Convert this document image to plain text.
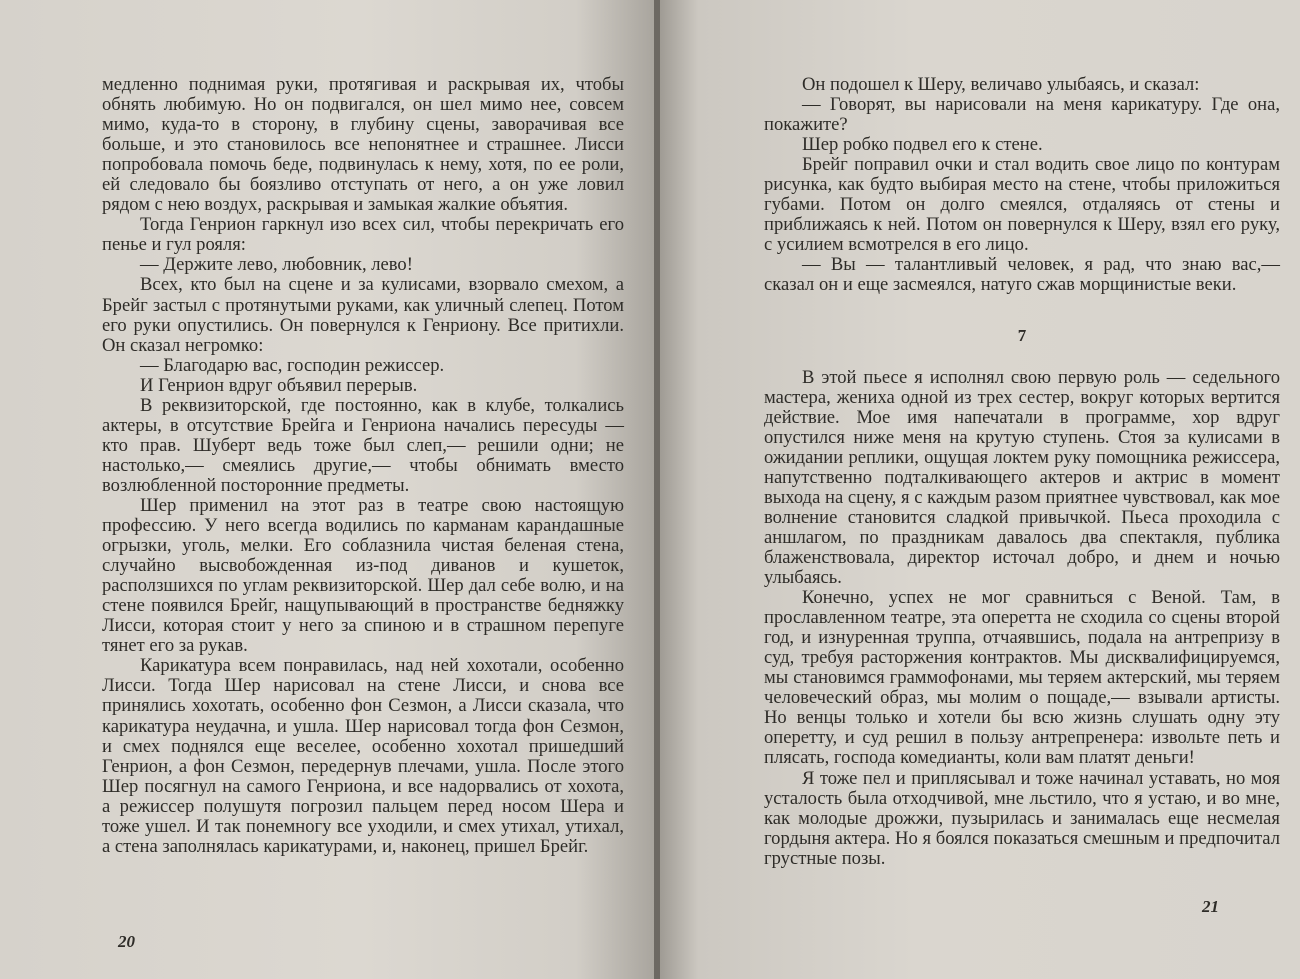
медленно поднимая руки, протягивая и раскрывая их, чтобы обнять любимую. Но он подвигался, он шел мимо нее, совсем мимо, куда-то в сторону, в глубину сцены, заворачивая все больше, и это становилось все непонятнее и страшнее. Лисси попробовала помочь беде, подвинулась к нему, хотя, по ее роли, ей следовало бы боязливо отступать от него, а он уже ловил рядом с нею воздух, раскрывая и замыкая жалкие объятия.

Тогда Генрион гаркнул изо всех сил, чтобы перекричать его пенье и гул рояля:

— Держите лево, любовник, лево!

Всех, кто был на сцене и за кулисами, взорвало смехом, а Брейг застыл с протянутыми руками, как уличный слепец. Потом его руки опустились. Он повернулся к Генриону. Все притихли. Он сказал негромко:

— Благодарю вас, господин режиссер.

И Генрион вдруг объявил перерыв.

В реквизиторской, где постоянно, как в клубе, толкались актеры, в отсутствие Брейга и Генриона начались пересуды — кто прав. Шуберт ведь тоже был слеп,— решили одни; не настолько,— смеялись другие,— чтобы обнимать вместо возлюбленной посторонние предметы.

Шер применил на этот раз в театре свою настоящую профессию. У него всегда водились по карманам карандашные огрызки, уголь, мелки. Его соблазнила чистая беленая стена, случайно высвобожденная из-под диванов и кушеток, расползшихся по углам реквизиторской. Шер дал себе волю, и на стене появился Брейг, нащупывающий в пространстве бедняжку Лисси, которая стоит у него за спиною и в страшном перепуге тянет его за рукав.

Карикатура всем понравилась, над ней хохотали, особенно Лисси. Тогда Шер нарисовал на стене Лисси, и снова все принялись хохотать, особенно фон Сезмон, а Лисси сказала, что карикатура неудачна, и ушла. Шер нарисовал тогда фон Сезмон, и смех поднялся еще веселее, особенно хохотал пришедший Генрион, а фон Сезмон, передернув плечами, ушла. После этого Шер посягнул на самого Генриона, и все надорвались от хохота, а режиссер полушутя погрозил пальцем перед носом Шера и тоже ушел. И так понемногу все уходили, и смех утихал, утихал, а стена заполнялась карикатурами, и, наконец, пришел Брейг.

20

Он подошел к Шеру, величаво улыбаясь, и сказал:

— Говорят, вы нарисовали на меня карикатуру. Где она, покажите?

Шер робко подвел его к стене.

Брейг поправил очки и стал водить свое лицо по контурам рисунка, как будто выбирая место на стене, чтобы приложиться губами. Потом он долго смеялся, отдаляясь от стены и приближаясь к ней. Потом он повернулся к Шеру, взял его руку, с усилием всмотрелся в его лицо.

— Вы — талантливый человек, я рад, что знаю вас,— сказал он и еще засмеялся, натуго сжав морщинистые веки.

7

В этой пьесе я исполнял свою первую роль — седельного мастера, жениха одной из трех сестер, вокруг которых вертится действие. Мое имя напечатали в программе, хор вдруг опустился ниже меня на крутую ступень. Стоя за кулисами в ожидании реплики, ощущая локтем руку помощника режиссера, напутственно подталкивающего актеров и актрис в момент выхода на сцену, я с каждым разом приятнее чувствовал, как мое волнение становится сладкой привычкой. Пьеса проходила с аншлагом, по праздникам давалось два спектакля, публика блаженствовала, директор источал добро, и днем и ночью улыбаясь.

Конечно, успех не мог сравниться с Веной. Там, в прославленном театре, эта оперетта не сходила со сцены второй год, и изнуренная труппа, отчаявшись, подала на антрепризу в суд, требуя расторжения контрактов. Мы дисквалифицируемся, мы становимся граммофонами, мы теряем актерский, мы теряем человеческий образ, мы молим о пощаде,— взывали артисты. Но венцы только и хотели бы всю жизнь слушать одну эту оперетту, и суд решил в пользу антрепренера: извольте петь и плясать, господа комедианты, коли вам платят деньги!

Я тоже пел и приплясывал и тоже начинал уставать, но моя усталость была отходчивой, мне льстило, что я устаю, и во мне, как молодые дрожжи, пузырилась и занималась еще несмелая гордыня актера. Но я боялся показаться смешным и предпочитал грустные позы.

21
